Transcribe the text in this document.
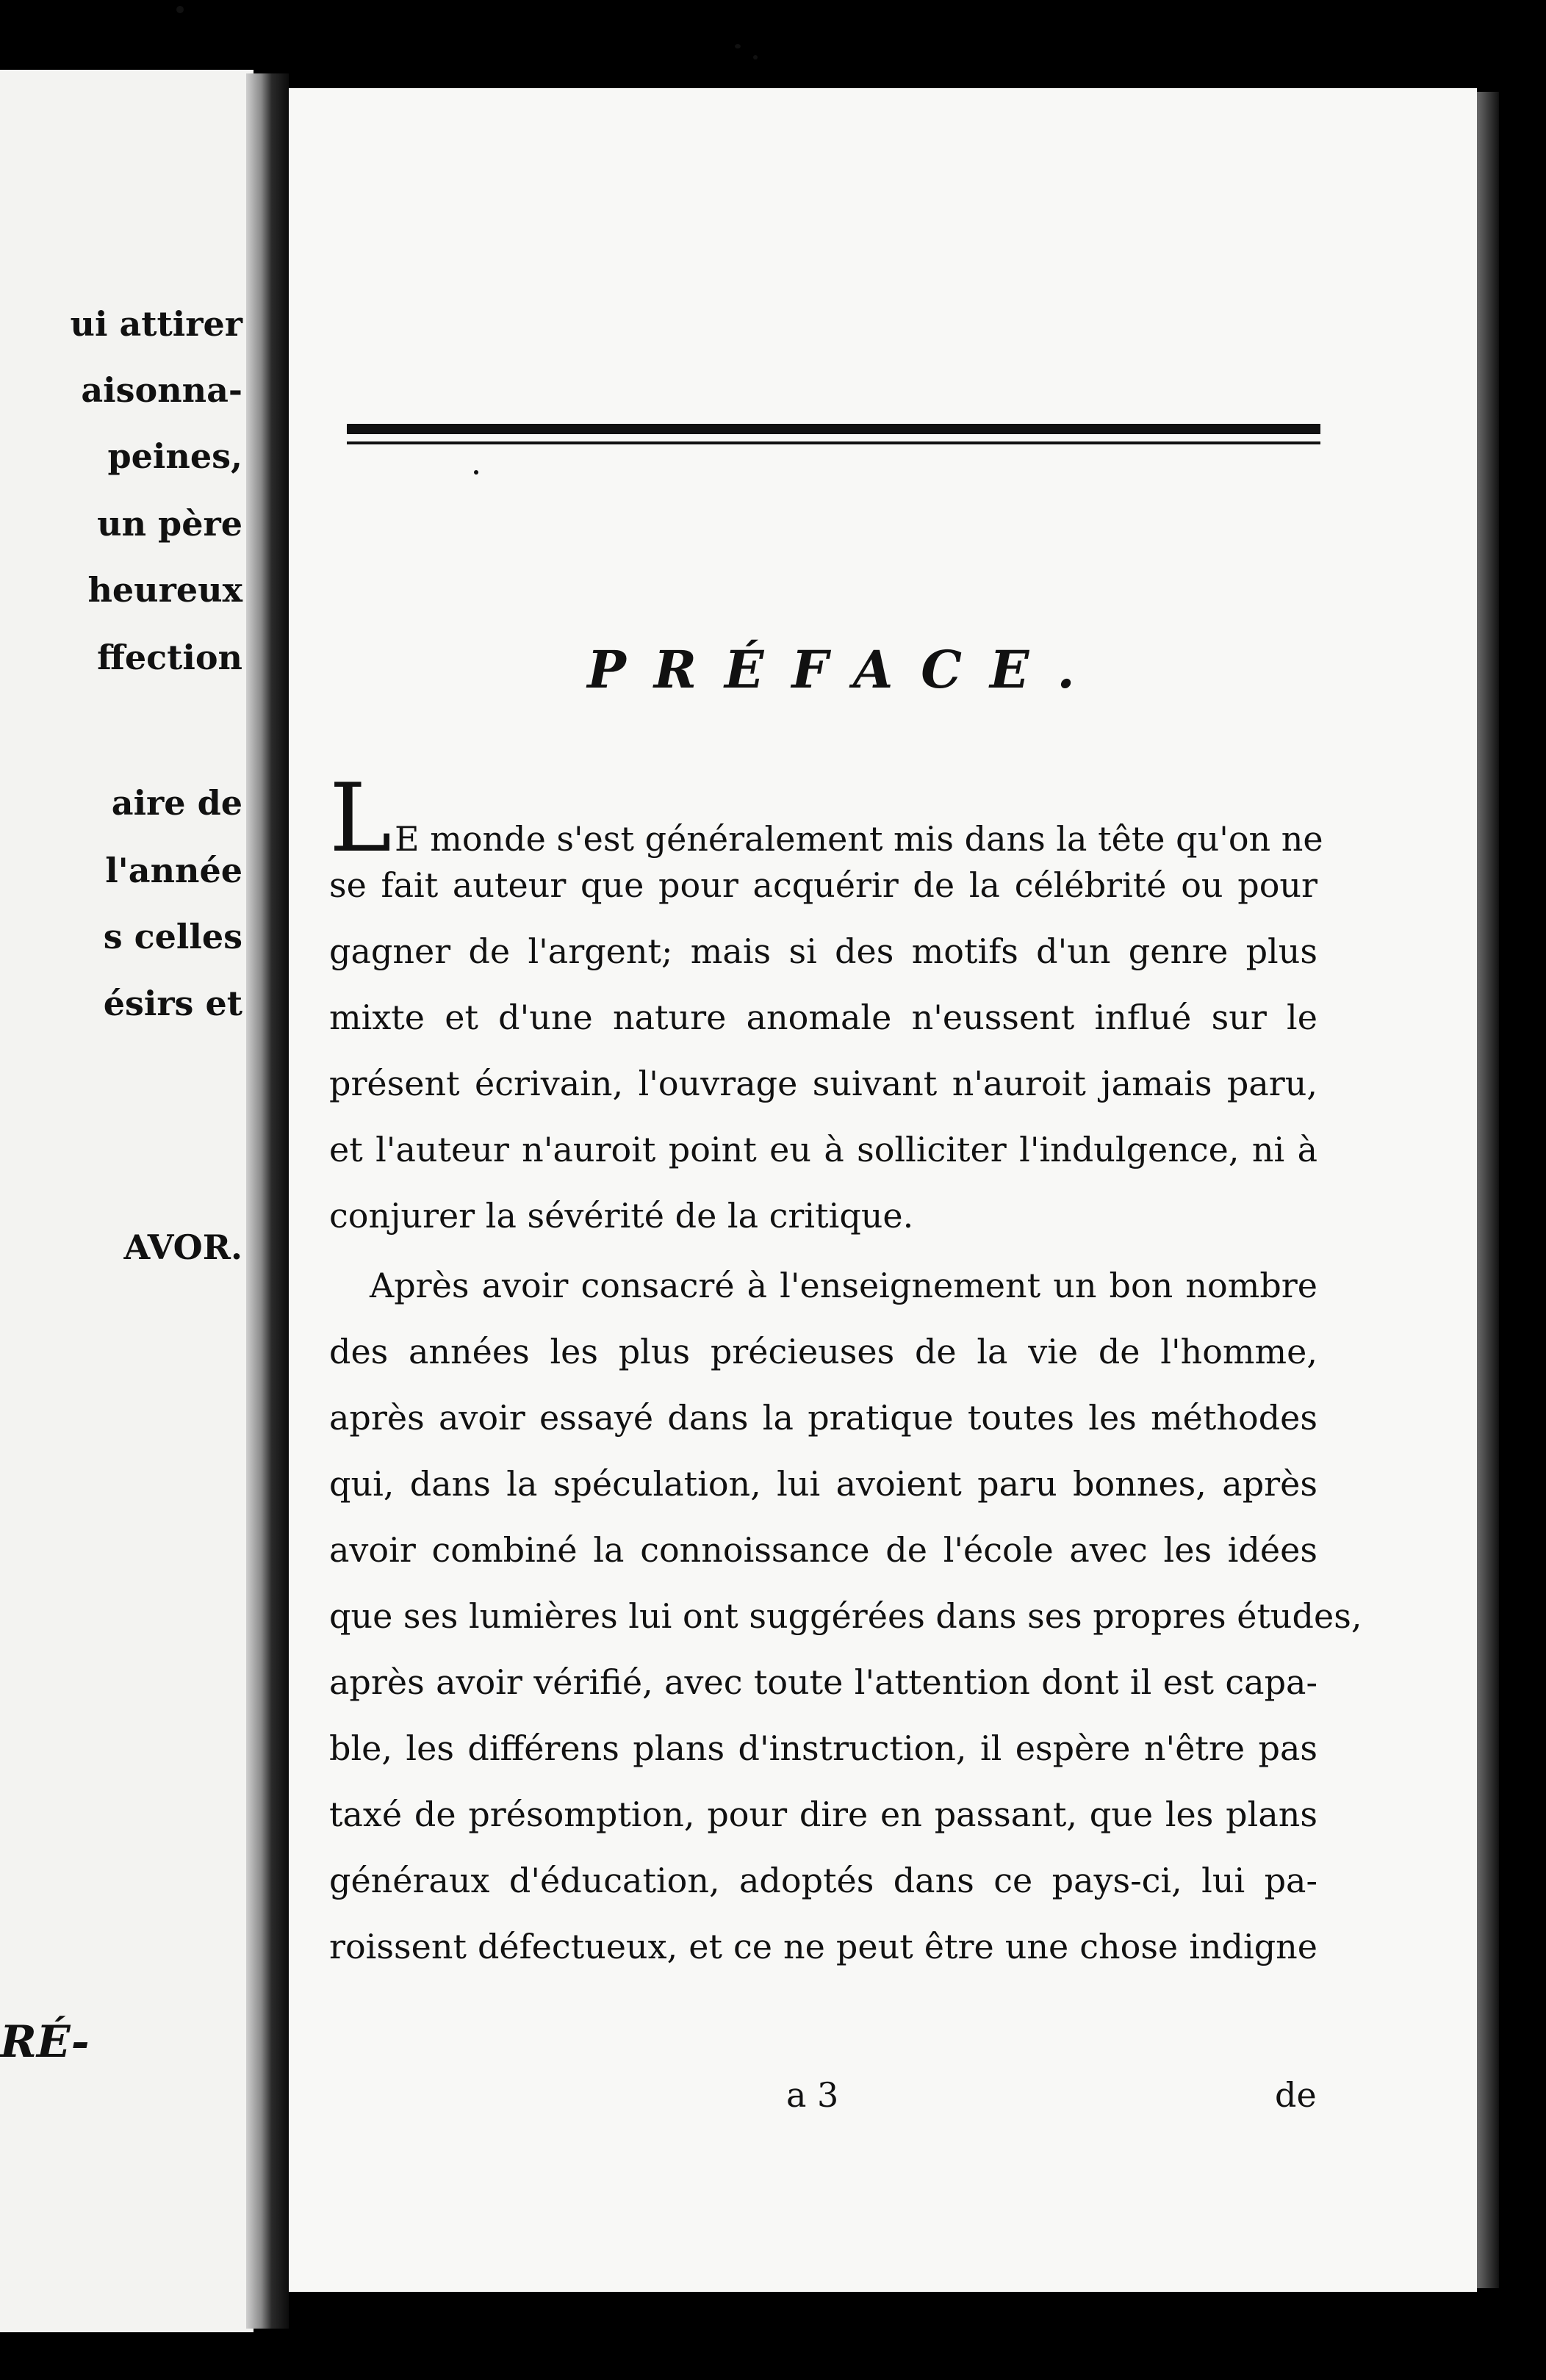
ui attirer
aisonna-
peines,
un père
heureux
ffection
aire de
l'année
s celles
ésirs et
AVOR.
RÉ-
PRÉFACE.
LE monde s'est généralement mis dans la tête qu'on ne
se fait auteur que pour acquérir de la célébrité ou pour
gagner de l'argent; mais si des motifs d'un genre plus
mixte et d'une nature anomale n'eussent influé sur le
présent écrivain, l'ouvrage suivant n'auroit jamais paru,
et l'auteur n'auroit point eu à solliciter l'indulgence, ni à
conjurer la sévérité de la critique.
Après avoir consacré à l'enseignement un bon nombre
des années les plus précieuses de la vie de l'homme,
après avoir essayé dans la pratique toutes les méthodes
qui, dans la spéculation, lui avoient paru bonnes, après
avoir combiné la connoissance de l'école avec les idées
que ses lumières lui ont suggérées dans ses propres études,
après avoir vérifié, avec toute l'attention dont il est capa-
ble, les différens plans d'instruction, il espère n'être pas
taxé de présomption, pour dire en passant, que les plans
généraux d'éducation, adoptés dans ce pays-ci, lui pa-
roissent défectueux, et ce ne peut être une chose indigne
a 3	de
